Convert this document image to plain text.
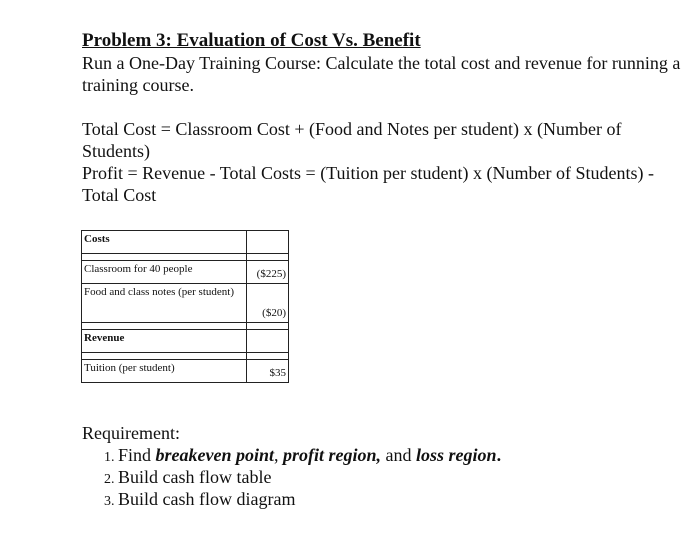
Problem 3: Evaluation of Cost Vs. Benefit

Run a One-Day Training Course: Calculate the total cost and revenue for running a training course.

Total Cost = Classroom Cost + (Food and Notes per student) x (Number of Students)

Profit = Revenue - Total Costs = (Tuition per student) x (Number of Students) - Total Cost

Costs	

Classroom for 40 people	($225)
Food and class notes (per student)	($20)

Revenue	

Tuition (per student)	$35
Requirement:
1. Find breakeven point, profit region, and loss region.
2. Build cash flow table
3. Build cash flow diagram
